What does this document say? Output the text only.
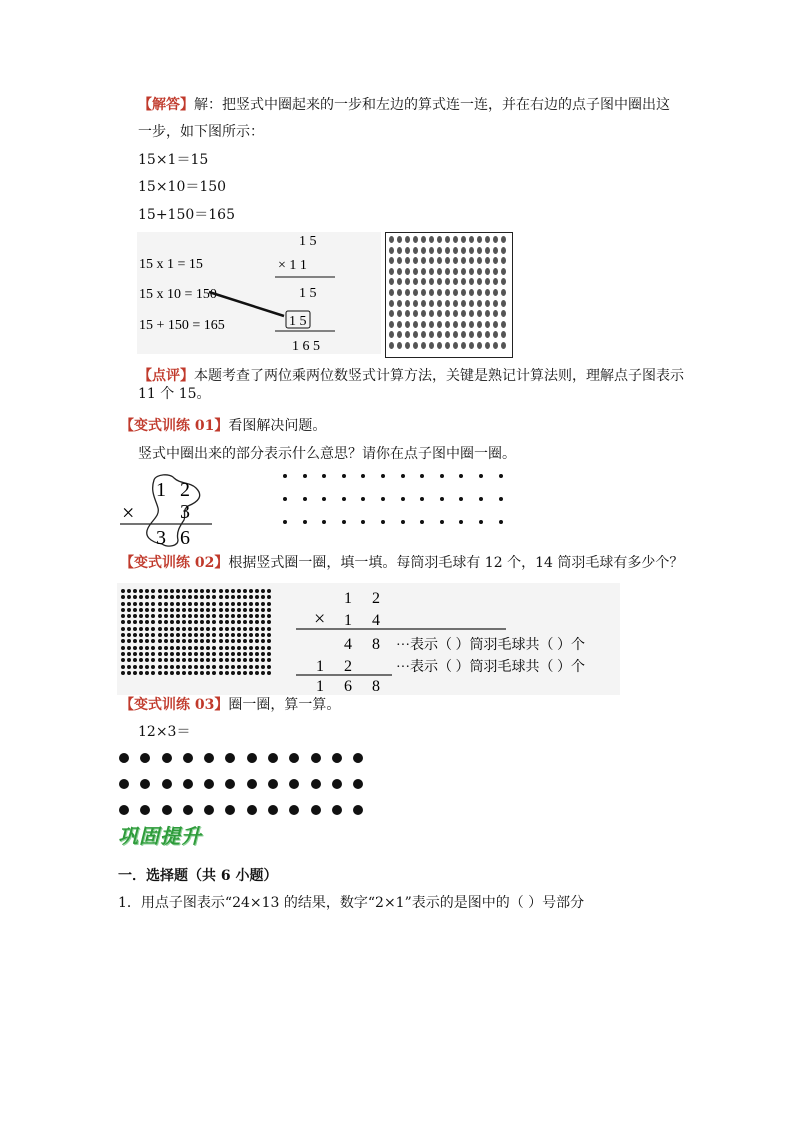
【解答】解：把竖式中圈起来的一步和左边的算式连一连，并在右边的点子图中圈出这
一步，如下图所示：
15×1＝15
15×10＝150
15+150＝165
15 x 1 = 15
15 x 10 = 150
15 + 150 = 165
1 5
× 1 1
1 5
1 5
1 6 5
【点评】本题考查了两位乘两位数竖式计算方法，关键是熟记计算法则，理解点子图表示
11 个 15。
【变式训练 01】看图解决问题。
竖式中圈出来的部分表示什么意思？请你在点子图中圈一圈。
1 2
× 3
3 6
【变式训练 02】根据竖式圈一圈，填一填。每筒羽毛球有 12 个，14 筒羽毛球有多少个？
1 2
× 1 4
4 8
1 2
1 6 8
···表示（ ）筒羽毛球共（ ）个
···表示（ ）筒羽毛球共（ ）个
【变式训练 03】圈一圈，算一算。
12×3＝
巩固提升
一．选择题（共 6 小题）
1．用点子图表示“24×13 的结果，数字“2×1”表示的是图中的（ ）号部分
